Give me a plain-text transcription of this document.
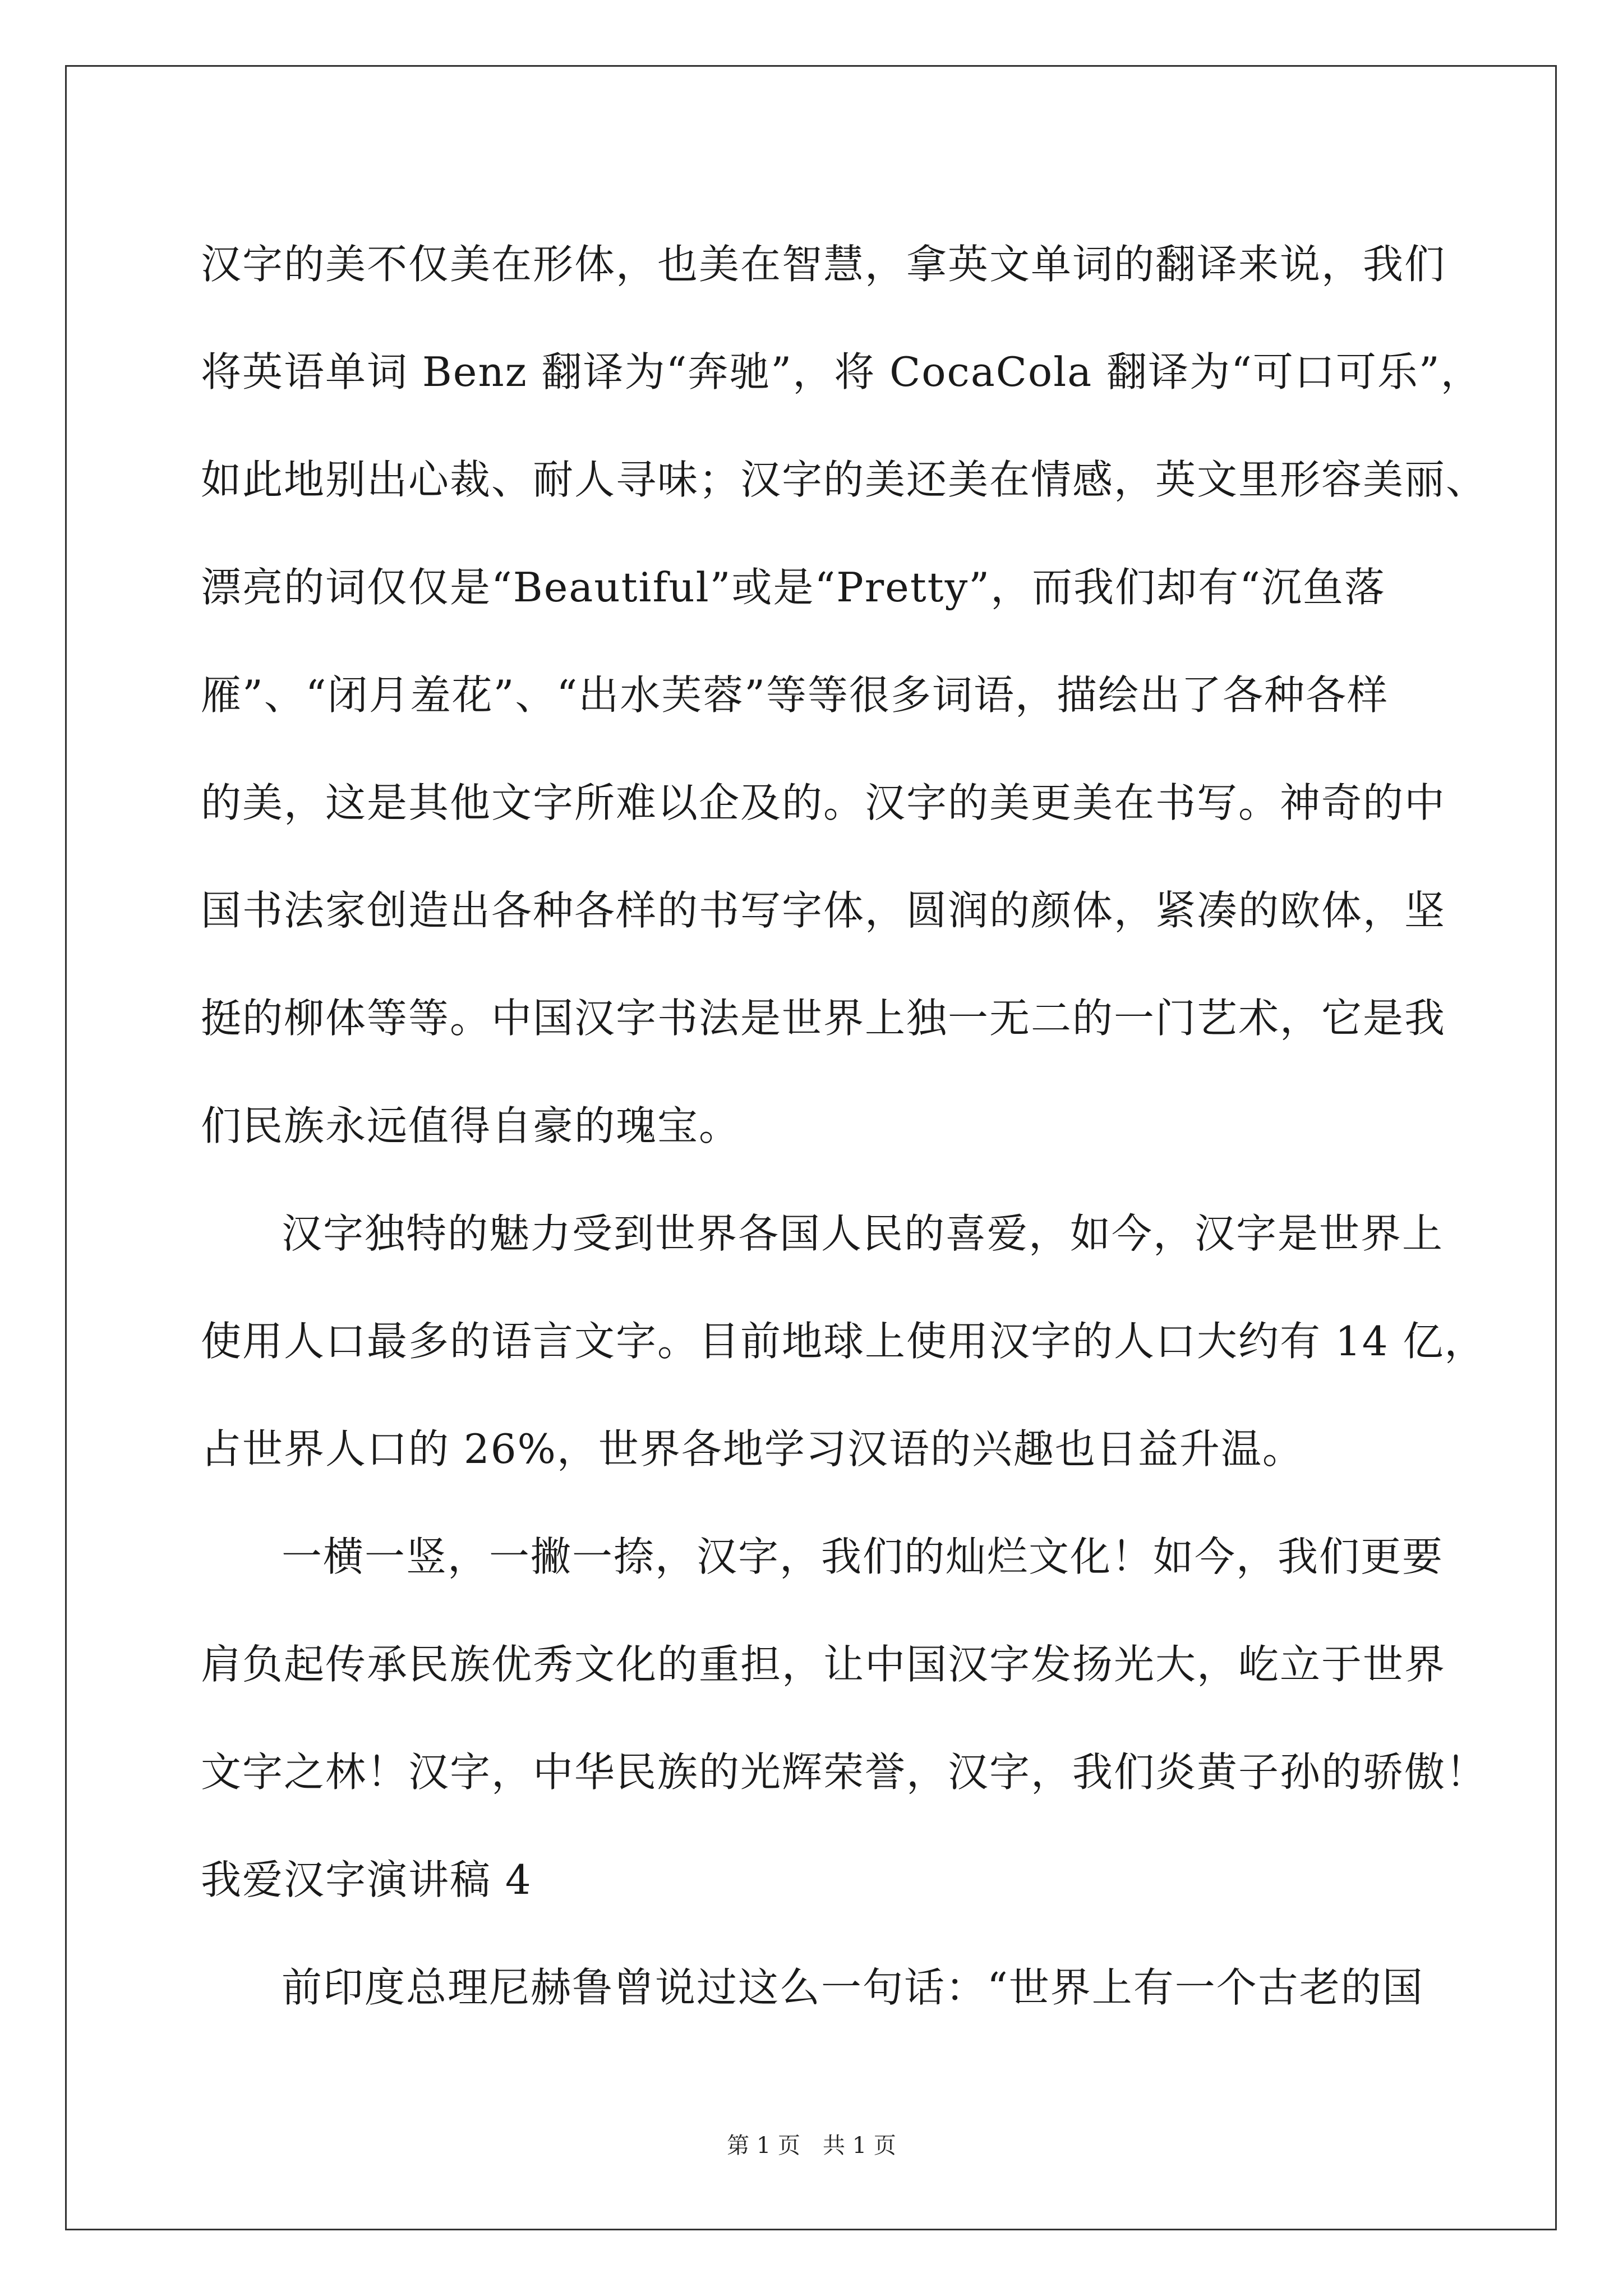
汉字的美不仅美在形体，也美在智慧，拿英文单词的翻译来说，我们
将英语单词 Benz 翻译为“奔驰”，将 CocaCola 翻译为“可口可乐”，
如此地别出心裁、耐人寻味；汉字的美还美在情感，英文里形容美丽、
漂亮的词仅仅是“Beautiful”或是“Pretty”，而我们却有“沉鱼落
雁”、“闭月羞花”、“出水芙蓉”等等很多词语，描绘出了各种各样
的美，这是其他文字所难以企及的。汉字的美更美在书写。神奇的中
国书法家创造出各种各样的书写字体，圆润的颜体，紧凑的欧体，坚
挺的柳体等等。中国汉字书法是世界上独一无二的一门艺术，它是我
们民族永远值得自豪的瑰宝。
汉字独特的魅力受到世界各国人民的喜爱，如今，汉字是世界上
使用人口最多的语言文字。目前地球上使用汉字的人口大约有 14 亿，
占世界人口的 26%，世界各地学习汉语的兴趣也日益升温。
一横一竖，一撇一捺，汉字，我们的灿烂文化！如今，我们更要
肩负起传承民族优秀文化的重担，让中国汉字发扬光大，屹立于世界
文字之林！汉字，中华民族的光辉荣誉，汉字，我们炎黄子孙的骄傲！
我爱汉字演讲稿 4
前印度总理尼赫鲁曾说过这么一句话：“世界上有一个古老的国
第 1 页 共 1 页
